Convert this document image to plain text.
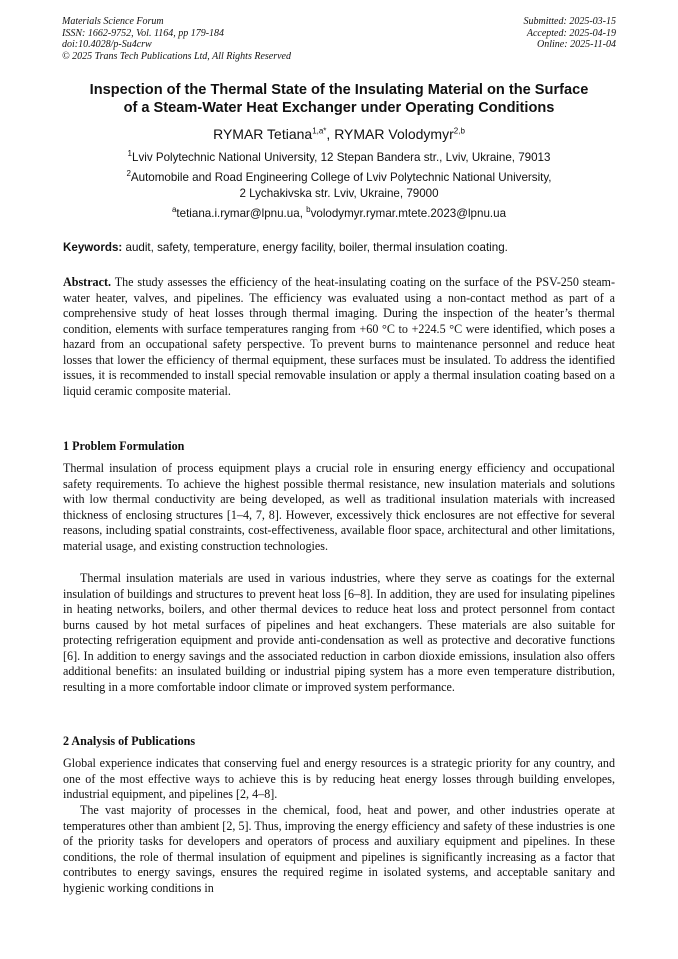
Materials Science Forum
ISSN: 1662-9752, Vol. 1164, pp 179-184
doi:10.4028/p-Su4crw
© 2025 Trans Tech Publications Ltd, All Rights Reserved
Submitted: 2025-03-15
Accepted: 2025-04-19
Online: 2025-11-04
Inspection of the Thermal State of the Insulating Material on the Surface
of a Steam-Water Heat Exchanger under Operating Conditions
RYMAR Tetiana$^{1,a*}$, RYMAR Volodymyr$^{2,b}$
$^1$Lviv Polytechnic National University, 12 Stepan Bandera str., Lviv, Ukraine, 79013
$^2$Automobile and Road Engineering College of Lviv Polytechnic National University,
2 Lychakivska str. Lviv, Ukraine, 79000
$^a$tetiana.i.rymar@lpnu.ua, $^b$volodymyr.rymar.mtete.2023@lpnu.ua
Keywords: audit, safety, temperature, energy facility, boiler, thermal insulation coating.
Abstract. The study assesses the efficiency of the heat-insulating coating on the surface of the PSV-250 steam-water heater, valves, and pipelines. The efficiency was evaluated using a non-contact method as part of a comprehensive study of heat losses through thermal imaging. During the inspection of the heater’s thermal condition, elements with surface temperatures ranging from +60 °C to +224.5 °C were identified, which poses a hazard from an occupational safety perspective. To prevent burns to maintenance personnel and reduce heat losses that lower the efficiency of thermal equipment, these surfaces must be insulated. To address the identified issues, it is recommended to install special removable insulation or apply a thermal insulation coating based on a liquid ceramic composite material.
1 Problem Formulation
Thermal insulation of process equipment plays a crucial role in ensuring energy efficiency and occupational safety requirements. To achieve the highest possible thermal resistance, new insulation materials and solutions with low thermal conductivity are being developed, as well as traditional insulation materials with increased thickness of enclosing structures [1–4, 7, 8]. However, excessively thick enclosures are not effective for several reasons, including spatial constraints, cost-effectiveness, available floor space, architectural and other limitations, material usage, and existing construction technologies.
Thermal insulation materials are used in various industries, where they serve as coatings for the external insulation of buildings and structures to prevent heat loss [6–8]. In addition, they are used for insulating pipelines in heating networks, boilers, and other thermal devices to reduce heat loss and protect personnel from contact burns caused by hot metal surfaces of pipelines and heat exchangers. These materials are also suitable for protecting refrigeration equipment and provide anti-condensation as well as protective and decorative functions [6]. In addition to energy savings and the associated reduction in carbon dioxide emissions, insulation also offers additional benefits: an insulated building or industrial piping system has a more even temperature distribution, resulting in a more comfortable indoor climate or improved system performance.
2 Analysis of Publications
Global experience indicates that conserving fuel and energy resources is a strategic priority for any country, and one of the most effective ways to achieve this is by reducing heat energy losses through building envelopes, industrial equipment, and pipelines [2, 4–8].
The vast majority of processes in the chemical, food, heat and power, and other industries operate at temperatures other than ambient [2, 5]. Thus, improving the energy efficiency and safety of these industries is one of the priority tasks for developers and operators of process and auxiliary equipment and pipelines. In these conditions, the role of thermal insulation of equipment and pipelines is significantly increasing as a factor that contributes to energy savings, ensures the required regime in isolated systems, and acceptable sanitary and hygienic working conditions in
